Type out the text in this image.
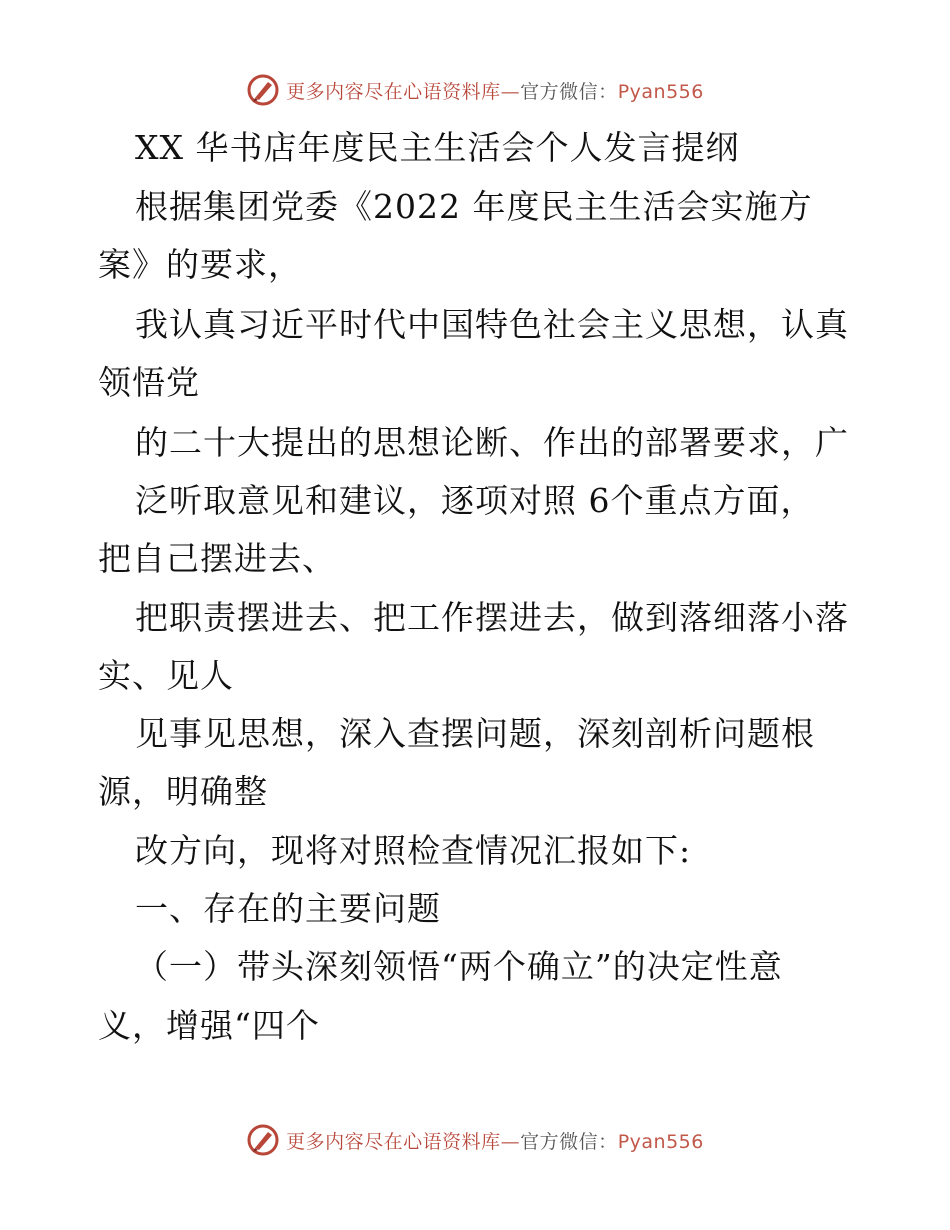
更多内容尽在心语资料库—官方微信：Pyan556
XX 华书店年度民主生活会个人发言提纲
根据集团党委《2022 年度民主生活会实施方
案》的要求，
我认真习近平时代中国特色社会主义思想，认真
领悟党
的二十大提出的思想论断、作出的部署要求，广
泛听取意见和建议，逐项对照 6个重点方面，
把自己摆进去、
把职责摆进去、把工作摆进去，做到落细落小落
实、见人
见事见思想，深入查摆问题，深刻剖析问题根
源，明确整
改方向，现将对照检查情况汇报如下:
一、存在的主要问题
（一）带头深刻领悟“两个确立”的决定性意
义，增强“四个
更多内容尽在心语资料库—官方微信：Pyan556
